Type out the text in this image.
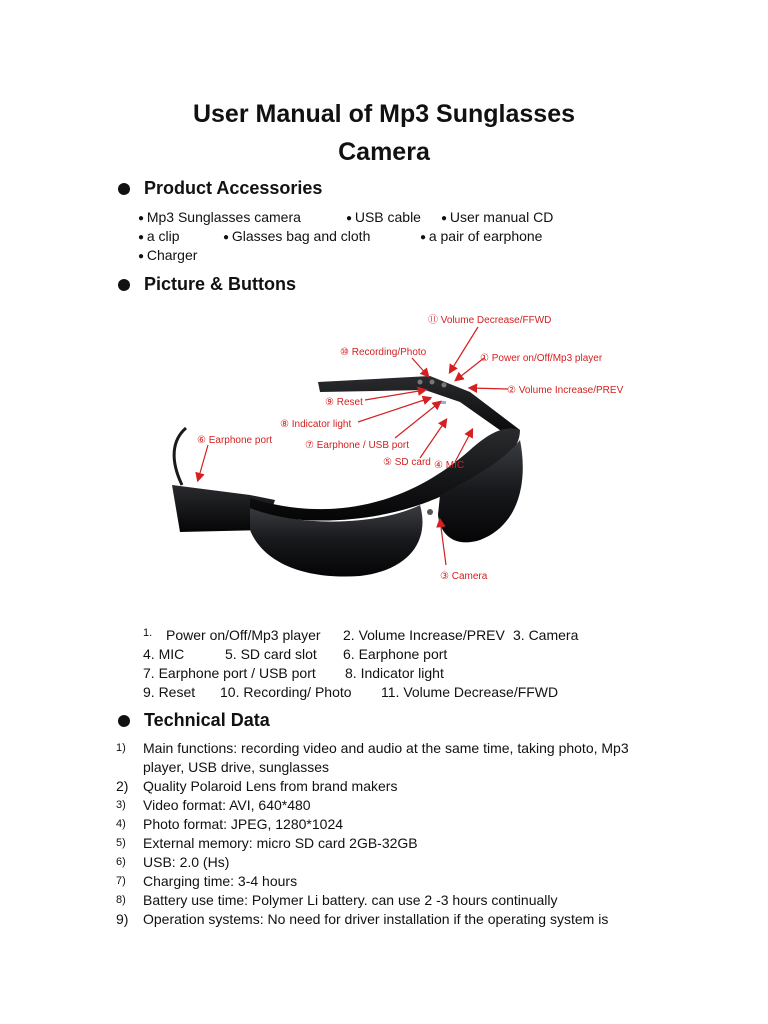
User Manual of Mp3 Sunglasses
Camera
Product Accessories
● Mp3 Sunglasses camera	● USB cable	● User manual CD
● a clip	● Glasses bag and cloth	● a pair of earphone
● Charger
Picture & Buttons
⑪ Volume Decrease/FFWD
⑩ Recording/Photo
① Power on/Off/Mp3 player
② Volume Increase/PREV
⑨ Reset
⑧ Indicator light
⑥ Earphone port	⑦ Earphone / USB port
⑤ SD card ④ MIC
③ Camera
1. Power on/Off/Mp3 player 2. Volume Increase/PREV 3. Camera
4. MIC	5. SD card slot 6. Earphone port
7. Earphone port / USB port 8. Indicator light
9. Reset 10. Recording/ Photo 11. Volume Decrease/FFWD
Technical Data
1)	Main functions: recording video and audio at the same time, taking photo, Mp3 player, USB drive, sunglasses
2)	Quality Polaroid Lens from brand makers
3)	Video format: AVI, 640*480
4)	Photo format: JPEG, 1280*1024
5)	External memory: micro SD card 2GB-32GB
6)	USB: 2.0 (Hs)
7)	Charging time: 3-4 hours
8)	Battery use time: Polymer Li battery. can use 2 -3 hours continually
9)	Operation systems: No need for driver installation if the operating system is
